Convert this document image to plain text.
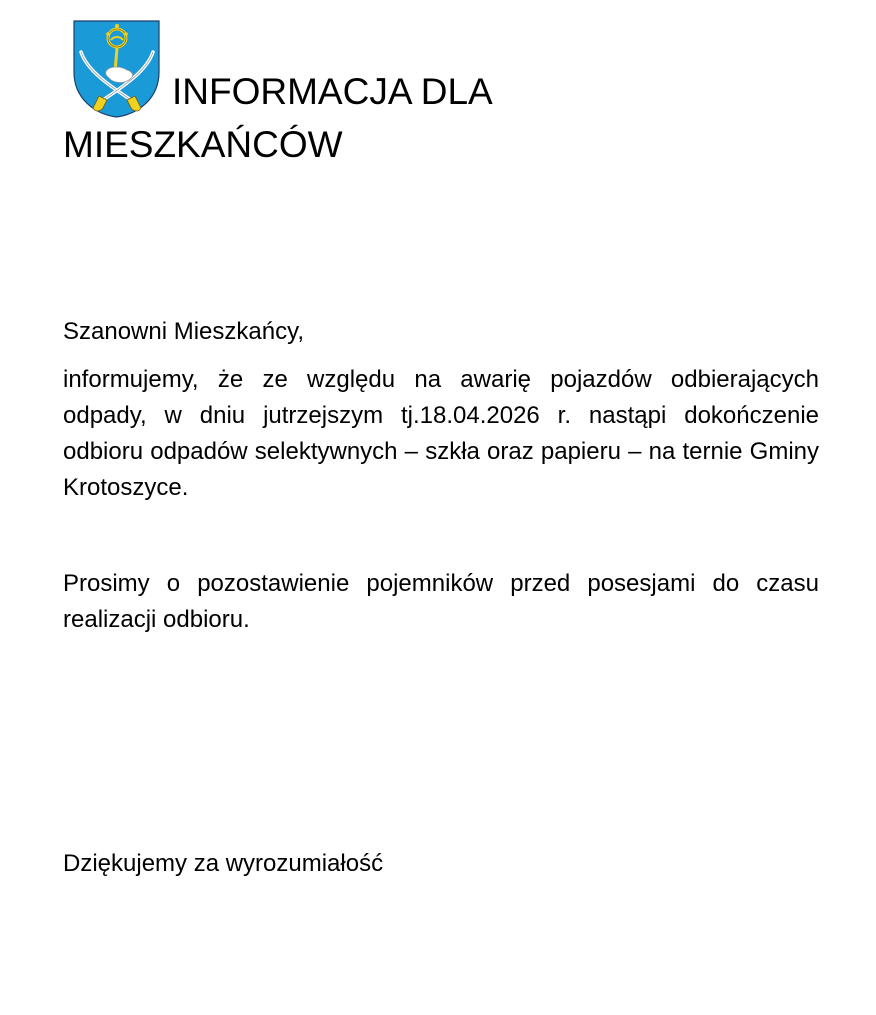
INFORMACJA DLA
MIESZKAŃCÓW
Szanowni Mieszkańcy,
informujemy, że ze względu na awarię pojazdów odbierających odpady, w dniu jutrzejszym tj.18.04.2026 r. nastąpi dokończenie odbioru odpadów selektywnych – szkła oraz papieru – na ternie Gminy Krotoszyce.
Prosimy o pozostawienie pojemników przed posesjami do czasu realizacji odbioru.
Dziękujemy za wyrozumiałość
